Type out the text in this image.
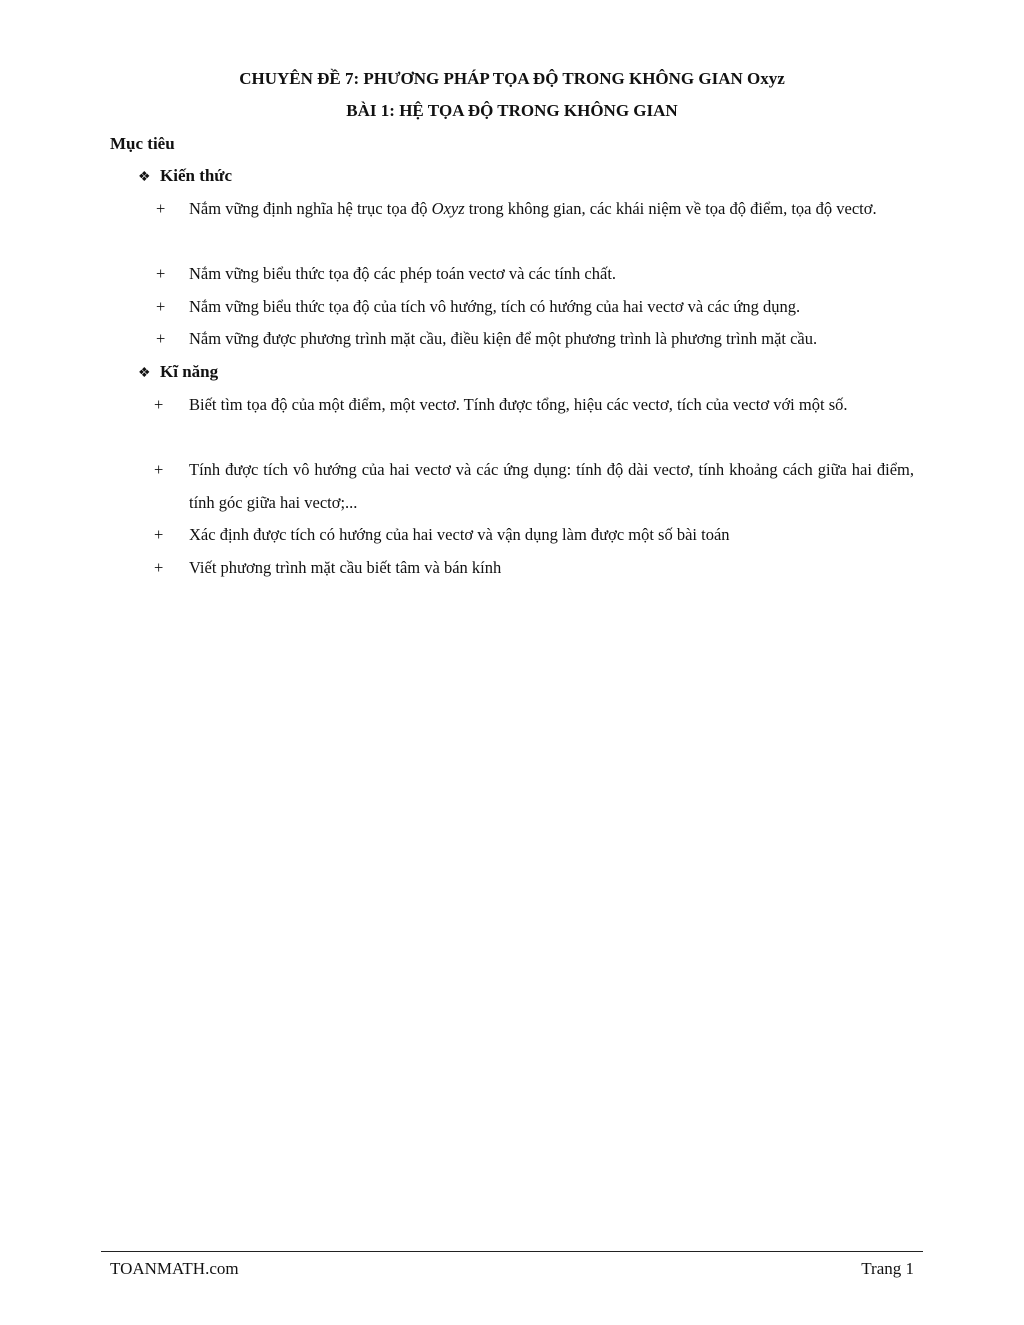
CHUYÊN ĐỀ 7: PHƯƠNG PHÁP TỌA ĐỘ TRONG KHÔNG GIAN Oxyz
BÀI 1: HỆ TỌA ĐỘ TRONG KHÔNG GIAN
Mục tiêu
❖ Kiến thức
+ Nắm vững định nghĩa hệ trục tọa độ Oxyz trong không gian, các khái niệm về tọa độ điểm, tọa độ vectơ.
+ Nắm vững biểu thức tọa độ các phép toán vectơ và các tính chất.
+ Nắm vững biểu thức tọa độ của tích vô hướng, tích có hướng của hai vectơ và các ứng dụng.
+ Nắm vững được phương trình mặt cầu, điều kiện để một phương trình là phương trình mặt cầu.
❖ Kĩ năng
+ Biết tìm tọa độ của một điểm, một vectơ. Tính được tổng, hiệu các vectơ, tích của vectơ với một số.
+ Tính được tích vô hướng của hai vectơ và các ứng dụng: tính độ dài vectơ, tính khoảng cách giữa hai điểm, tính góc giữa hai vectơ;...
+ Xác định được tích có hướng của hai vectơ và vận dụng làm được một số bài toán
+ Viết phương trình mặt cầu biết tâm và bán kính
TOANMATH.com	Trang 1
